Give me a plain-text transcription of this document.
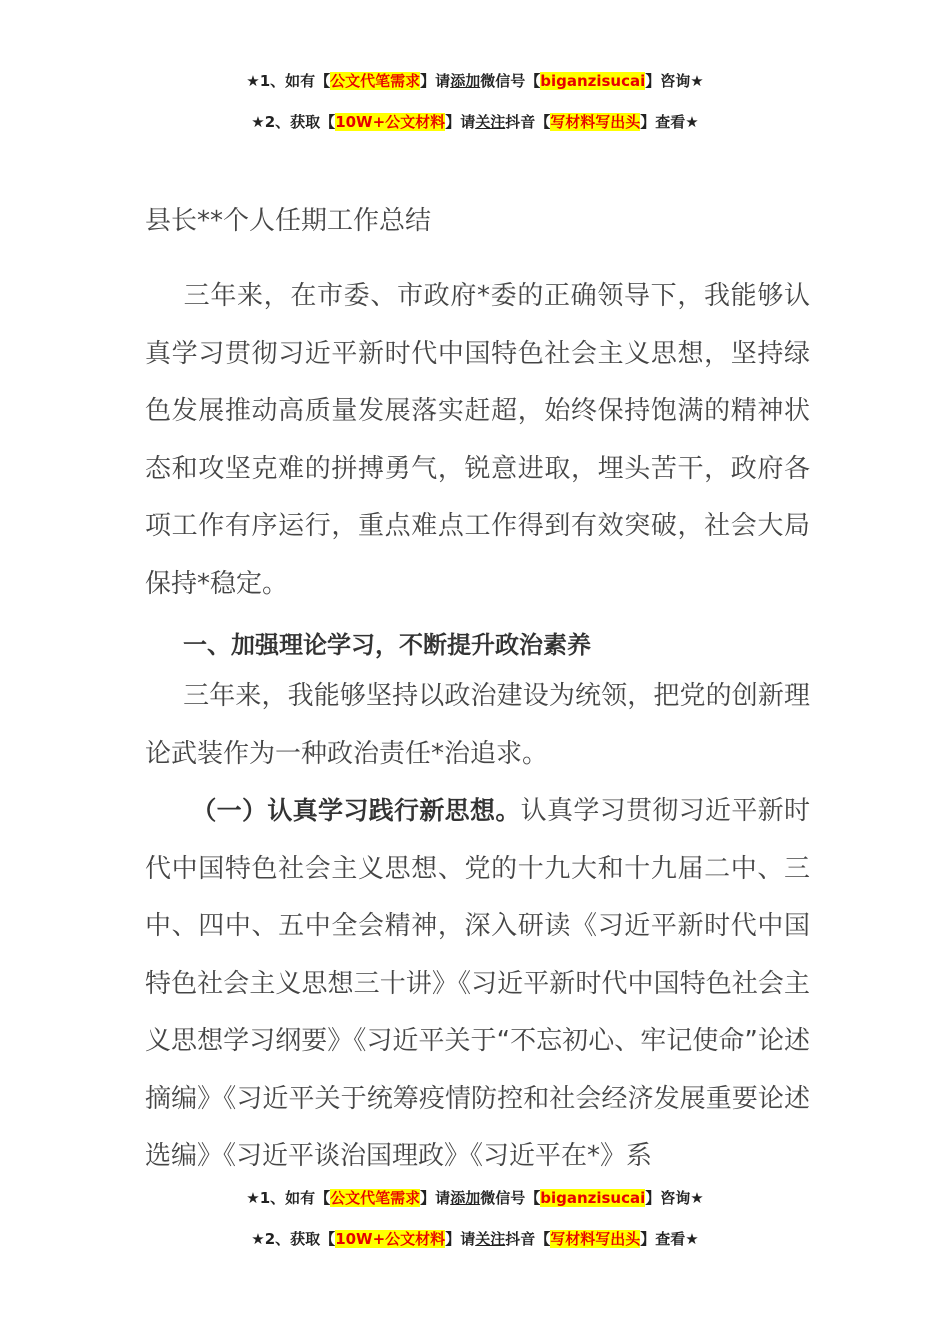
★1、如有【公文代笔需求】请添加微信号【biganzisucai】咨询★
★2、获取【10W+公文材料】请关注抖音【写材料写出头】查看★
县长**个人任期工作总结

三年来，在市委、市政府*委的正确领导下，我能够认真学习贯彻习近平新时代中国特色社会主义思想，坚持绿色发展推动高质量发展落实赶超，始终保持饱满的精神状态和攻坚克难的拼搏勇气，锐意进取，埋头苦干，政府各项工作有序运行，重点难点工作得到有效突破，社会大局保持*稳定。

一、加强理论学习，不断提升政治素养

三年来，我能够坚持以政治建设为统领，把党的创新理论武装作为一种政治责任*治追求。

（一）认真学习践行新思想。认真学习贯彻习近平新时代中国特色社会主义思想、党的十九大和十九届二中、三中、四中、五中全会精神，深入研读《习近平新时代中国特色社会主义思想三十讲》《习近平新时代中国特色社会主义思想学习纲要》《习近平关于“不忘初心、牢记使命”论述摘编》《习近平关于统筹疫情防控和社会经济发展重要论述选编》《习近平谈治国理政》《习近平在*》系

★1、如有【公文代笔需求】请添加微信号【biganzisucai】咨询★
★2、获取【10W+公文材料】请关注抖音【写材料写出头】查看★
